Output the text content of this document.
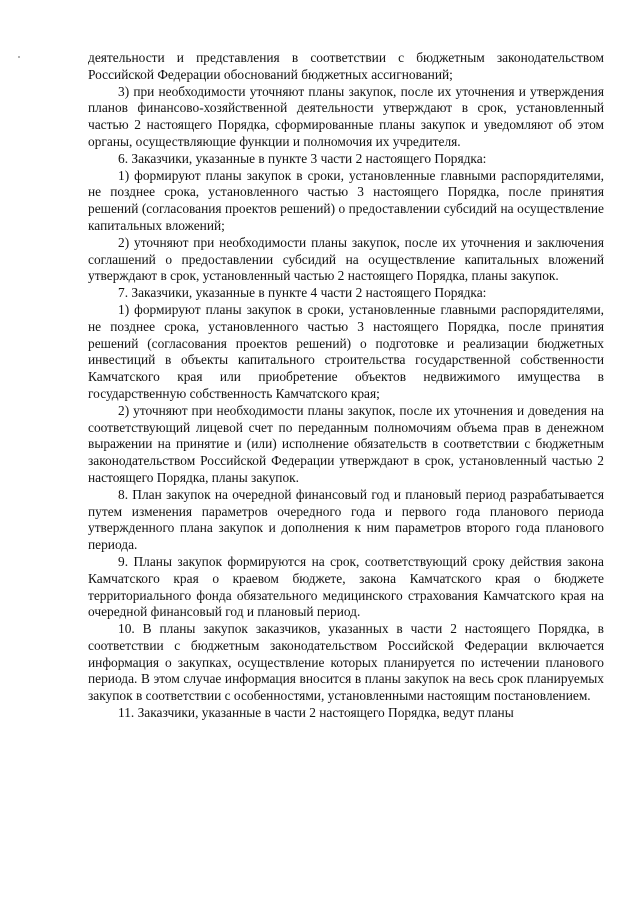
деятельности и представления в соответствии с бюджетным законодательством Российской Федерации обоснований бюджетных ассигнований;

3) при необходимости уточняют планы закупок, после их уточнения и утверждения планов финансово-хозяйственной деятельности утверждают в срок, установленный частью 2 настоящего Порядка, сформированные планы закупок и уведомляют об этом органы, осуществляющие функции и полномочия их учредителя.

6. Заказчики, указанные в пункте 3 части 2 настоящего Порядка:

1) формируют планы закупок в сроки, установленные главными распорядителями, не позднее срока, установленного частью 3 настоящего Порядка, после принятия решений (согласования проектов решений) о предоставлении субсидий на осуществление капитальных вложений;

2) уточняют при необходимости планы закупок, после их уточнения и заключения соглашений о предоставлении субсидий на осуществление капитальных вложений утверждают в срок, установленный частью 2 настоящего Порядка, планы закупок.

7. Заказчики, указанные в пункте 4 части 2 настоящего Порядка:

1) формируют планы закупок в сроки, установленные главными распорядителями, не позднее срока, установленного частью 3 настоящего Порядка, после принятия решений (согласования проектов решений) о подготовке и реализации бюджетных инвестиций в объекты капитального строительства государственной собственности Камчатского края или приобретение объектов недвижимого имущества в государственную собственность Камчатского края;

2) уточняют при необходимости планы закупок, после их уточнения и доведения на соответствующий лицевой счет по переданным полномочиям объема прав в денежном выражении на принятие и (или) исполнение обязательств в соответствии с бюджетным законодательством Российской Федерации утверждают в срок, установленный частью 2 настоящего Порядка, планы закупок.

8. План закупок на очередной финансовый год и плановый период разрабатывается путем изменения параметров очередного года и первого года планового периода утвержденного плана закупок и дополнения к ним параметров второго года планового периода.

9. Планы закупок формируются на срок, соответствующий сроку действия закона Камчатского края о краевом бюджете, закона Камчатского края о бюджете территориального фонда обязательного медицинского страхования Камчатского края на очередной финансовый год и плановый период.

10. В планы закупок заказчиков, указанных в части 2 настоящего Порядка, в соответствии с бюджетным законодательством Российской Федерации включается информация о закупках, осуществление которых планируется по истечении планового периода. В этом случае информация вносится в планы закупок на весь срок планируемых закупок в соответствии с особенностями, установленными настоящим постановлением.

11. Заказчики, указанные в части 2 настоящего Порядка, ведут планы
